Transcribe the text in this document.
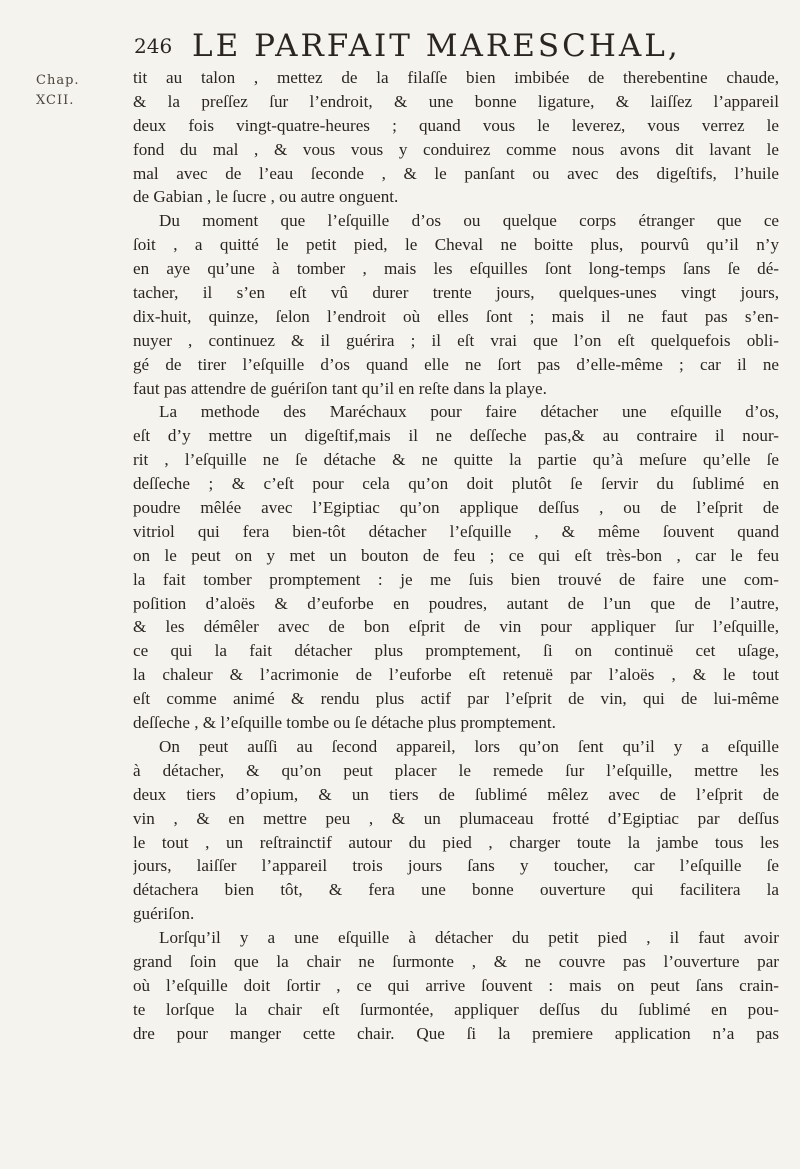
246 LE PARFAIT MARESCHAL,
Chap.
XCII.
tit au talon , mettez de la filaſſe bien imbibée de therebentine chaude,
& la preſſez ſur l’endroit, & une bonne ligature, & laiſſez l’appareil
deux fois vingt-quatre-heures ; quand vous le leverez, vous verrez le
fond du mal , & vous vous y conduirez comme nous avons dit lavant le
mal avec de l’eau ſeconde , & le panſant ou avec des digeſtifs, l’huile
de Gabian , le ſucre , ou autre onguent.
Du moment que l’eſquille d’os ou quelque corps étranger que ce
ſoit , a quitté le petit pied, le Cheval ne boitte plus, pourvû qu’il n’y
en aye qu’une à tomber , mais les eſquilles ſont long-temps ſans ſe dé-
tacher, il s’en eſt vû durer trente jours, quelques-unes vingt jours,
dix-huit, quinze, ſelon l’endroit où elles ſont ; mais il ne faut pas s’en-
nuyer , continuez & il guérira ; il eſt vrai que l’on eſt quelquefois obli-
gé de tirer l’eſquille d’os quand elle ne ſort pas d’elle-même ; car il ne
faut pas attendre de guériſon tant qu’il en reſte dans la playe.
La methode des Maréchaux pour faire détacher une eſquille d’os,
eſt d’y mettre un digeſtif,mais il ne deſſeche pas,& au contraire il nour-
rit , l’eſquille ne ſe détache & ne quitte la partie qu’à meſure qu’elle ſe
deſſeche ; & c’eſt pour cela qu’on doit plutôt ſe ſervir du ſublimé en
poudre mêlée avec l’Egiptiac qu’on applique deſſus , ou de l’eſprit de
vitriol qui fera bien-tôt détacher l’eſquille , & même ſouvent quand
on le peut on y met un bouton de feu ; ce qui eſt très-bon , car le feu
la fait tomber promptement : je me ſuis bien trouvé de faire une com-
poſition d’aloës & d’euforbe en poudres, autant de l’un que de l’autre,
& les démêler avec de bon eſprit de vin pour appliquer ſur l’eſquille,
ce qui la fait détacher plus promptement, ſi on continuë cet uſage,
la chaleur & l’acrimonie de l’euforbe eſt retenuë par l’aloës , & le tout
eſt comme animé & rendu plus actif par l’eſprit de vin, qui de lui-même
deſſeche , & l’eſquille tombe ou ſe détache plus promptement.
On peut auſſi au ſecond appareil, lors qu’on ſent qu’il y a eſquille
à détacher, & qu’on peut placer le remede ſur l’eſquille, mettre les
deux tiers d’opium, & un tiers de ſublimé mêlez avec de l’eſprit de
vin , & en mettre peu , & un plumaceau frotté d’Egiptiac par deſſus
le tout , un reſtrainctif autour du pied , charger toute la jambe tous les
jours, laiſſer l’appareil trois jours ſans y toucher, car l’eſquille ſe
détachera bien tôt, & fera une bonne ouverture qui facilitera la
guériſon.
Lorſqu’il y a une eſquille à détacher du petit pied , il faut avoir
grand ſoin que la chair ne ſurmonte , & ne couvre pas l’ouverture par
où l’eſquille doit ſortir , ce qui arrive ſouvent : mais on peut ſans crain-
te lorſque la chair eſt ſurmontée, appliquer deſſus du ſublimé en pou-
dre pour manger cette chair. Que ſi la premiere application n’a pas
